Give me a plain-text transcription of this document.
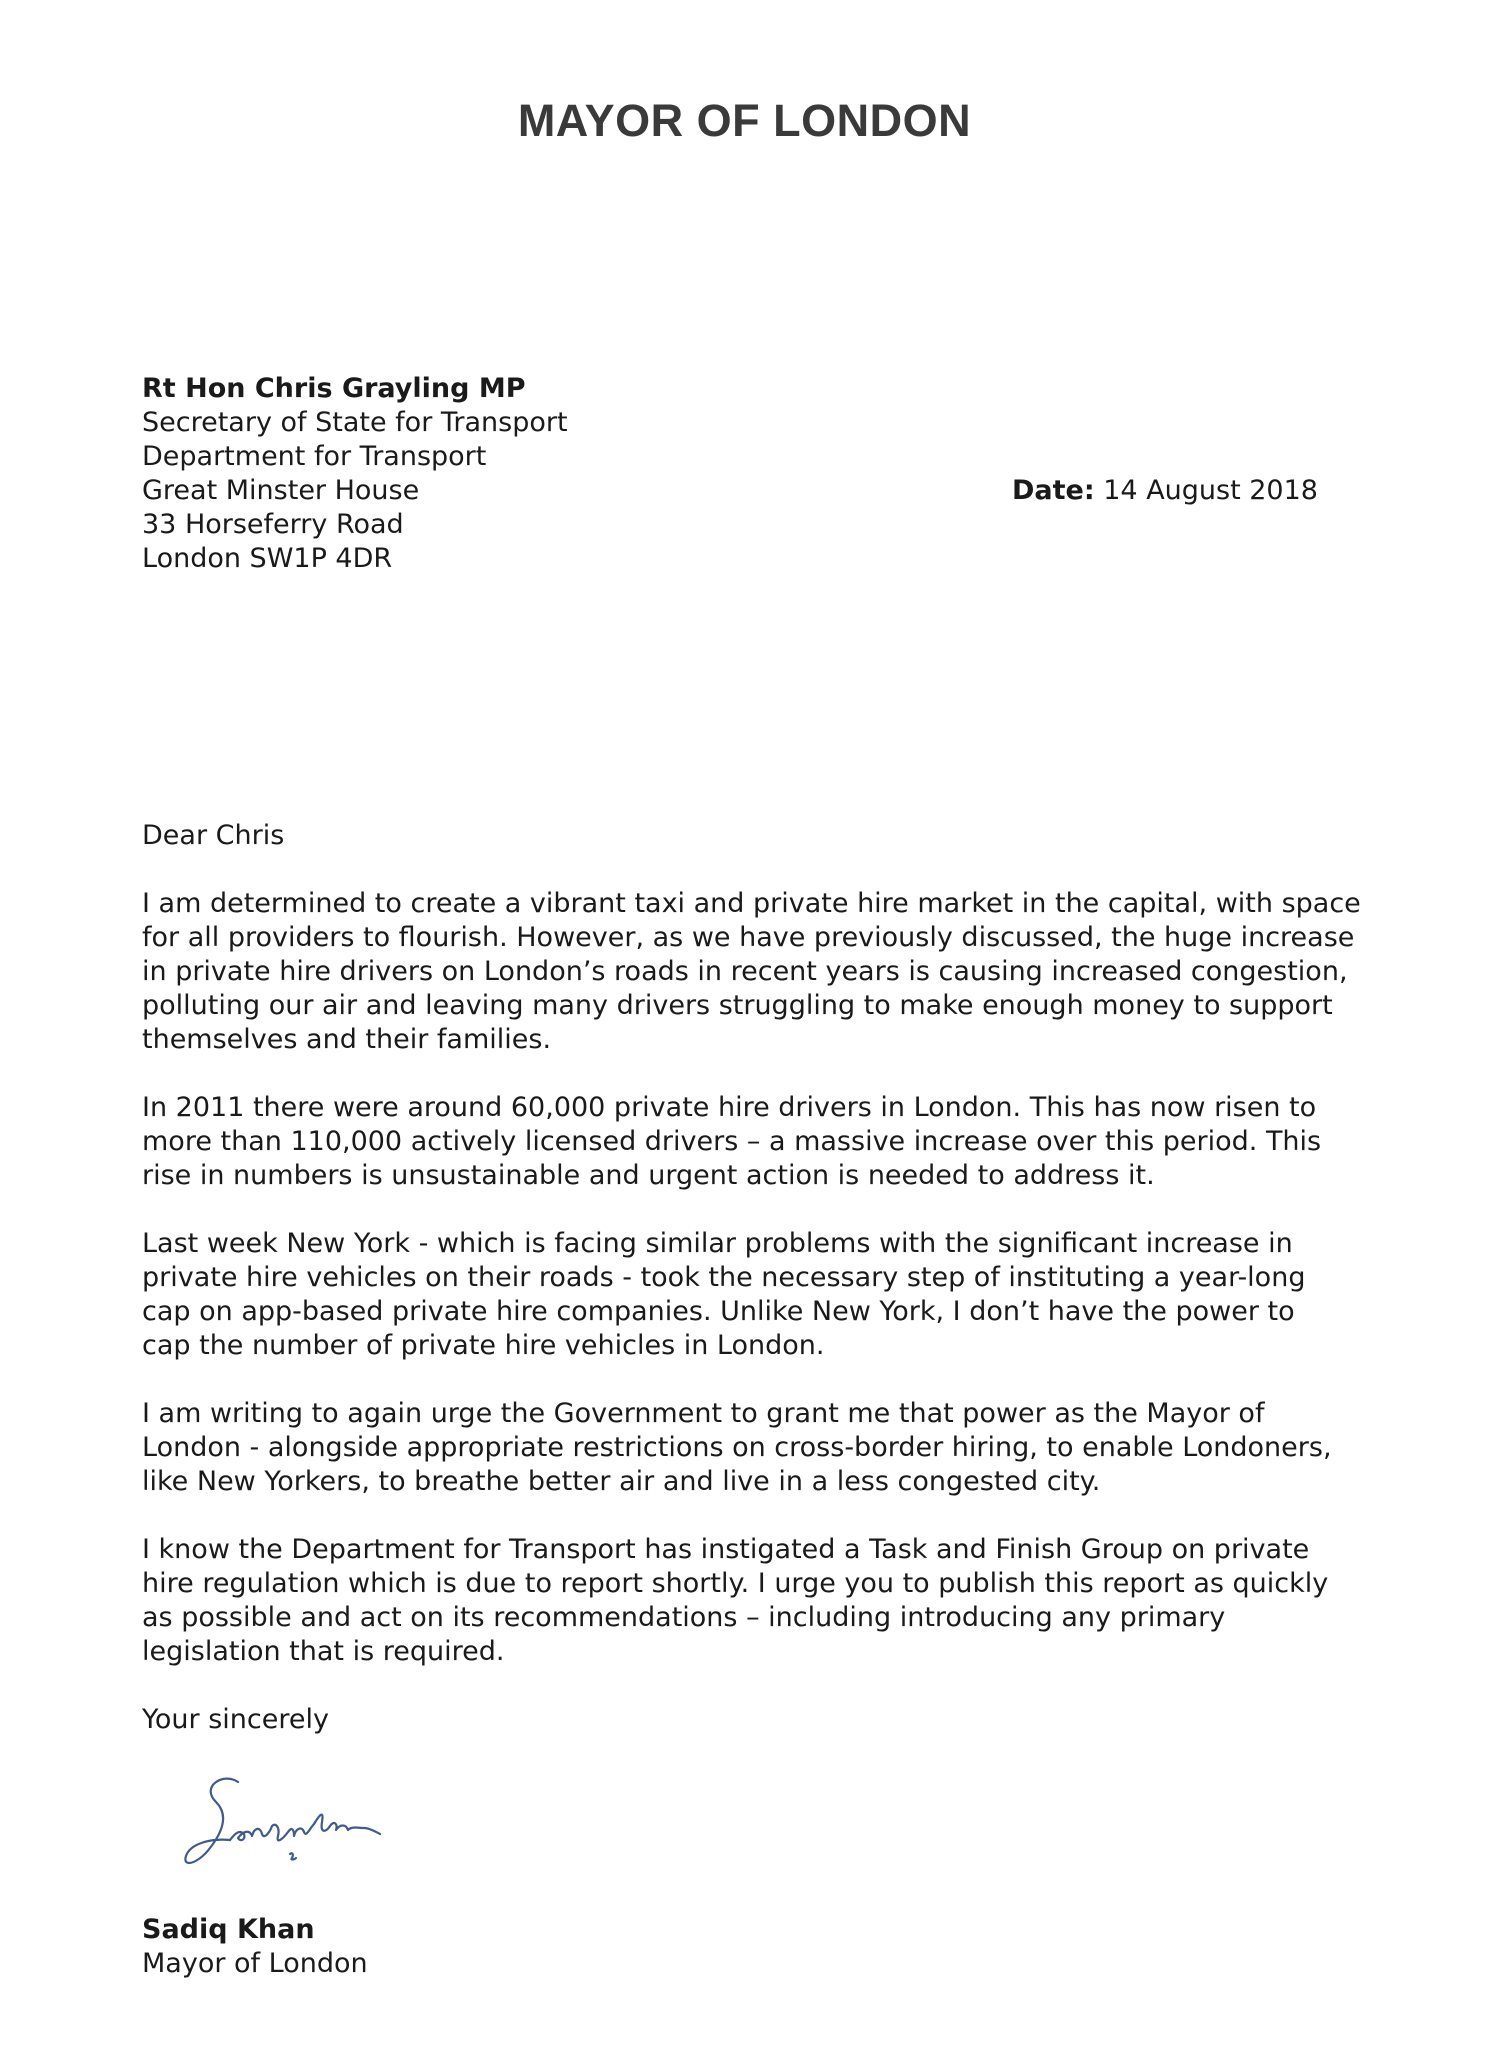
MAYOR OF LONDON
Rt Hon Chris Grayling MP
Secretary of State for Transport
Department for Transport
Great Minster House
33 Horseferry Road
London SW1P 4DR
Date: 14 August 2018

Dear Chris

I am determined to create a vibrant taxi and private hire market in the capital, with space
for all providers to flourish. However, as we have previously discussed, the huge increase
in private hire drivers on London’s roads in recent years is causing increased congestion,
polluting our air and leaving many drivers struggling to make enough money to support
themselves and their families.

In 2011 there were around 60,000 private hire drivers in London. This has now risen to
more than 110,000 actively licensed drivers – a massive increase over this period. This
rise in numbers is unsustainable and urgent action is needed to address it.

Last week New York - which is facing similar problems with the significant increase in
private hire vehicles on their roads - took the necessary step of instituting a year-long
cap on app-based private hire companies. Unlike New York, I don’t have the power to
cap the number of private hire vehicles in London.

I am writing to again urge the Government to grant me that power as the Mayor of
London - alongside appropriate restrictions on cross-border hiring, to enable Londoners,
like New Yorkers, to breathe better air and live in a less congested city.

I know the Department for Transport has instigated a Task and Finish Group on private
hire regulation which is due to report shortly. I urge you to publish this report as quickly
as possible and act on its recommendations – including introducing any primary
legislation that is required.

Your sincerely

Sadiq Khan
Mayor of London
